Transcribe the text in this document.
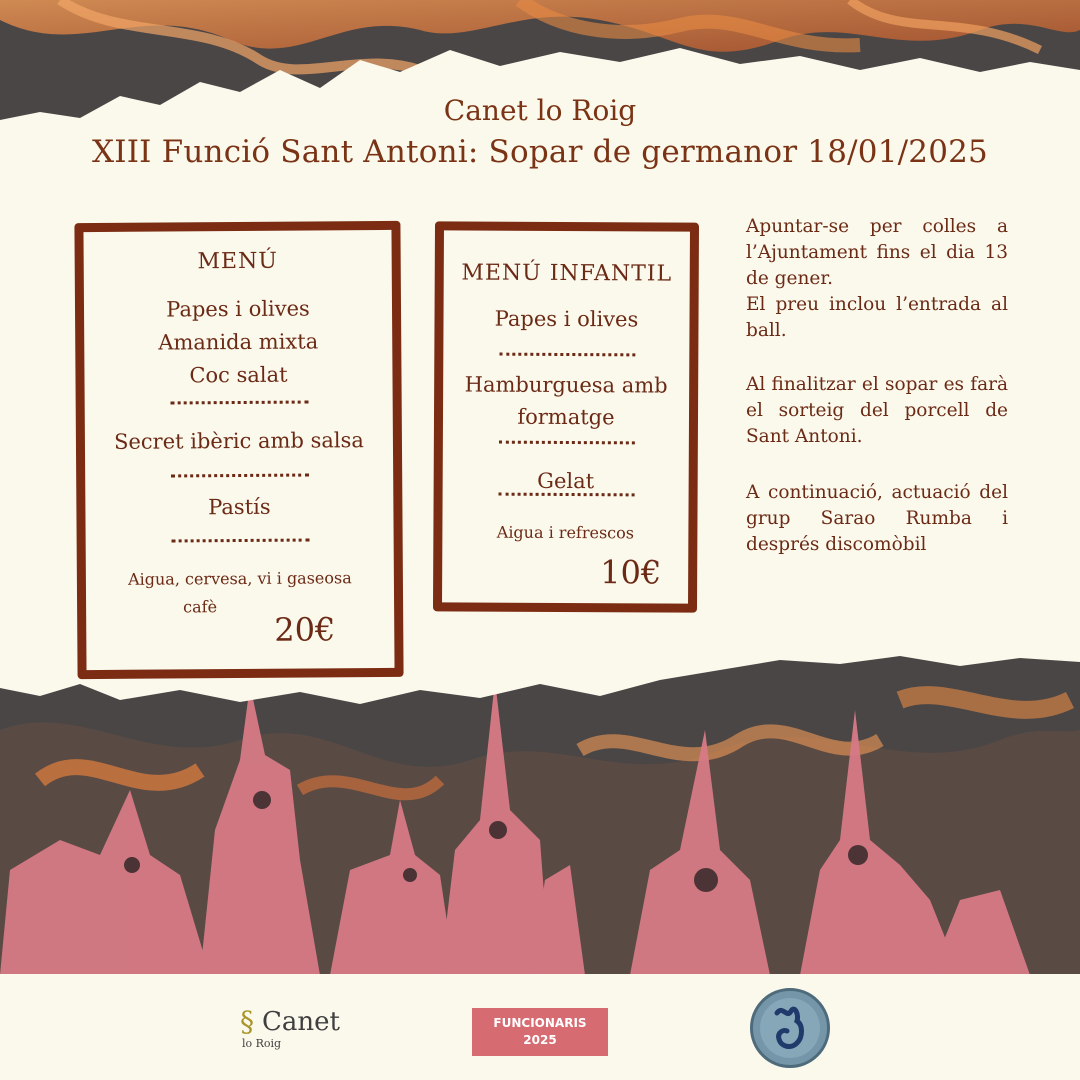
Canet lo Roig
XIII Funció Sant Antoni: Sopar de germanor 18/01/2025
MENÚ
Papes i olives
Amanida mixta
Coc salat
Secret ibèric amb salsa
Pastís
Aigua, cervesa, vi i gaseosa
cafè
20€
MENÚ INFANTIL
Papes i olives
Hamburguesa amb
formatge
Gelat
Aigua i refrescos
10€
Apuntar-se per colles a l’Ajuntament fins el dia 13 de gener.
El preu inclou l’entrada al ball.
Al finalitzar el sopar es farà el sorteig del porcell de Sant Antoni.
A continuació, actuació del grup Sarao Rumba i després discomòbil
§ Canet
lo Roig
FUNCIONARIS
2025
